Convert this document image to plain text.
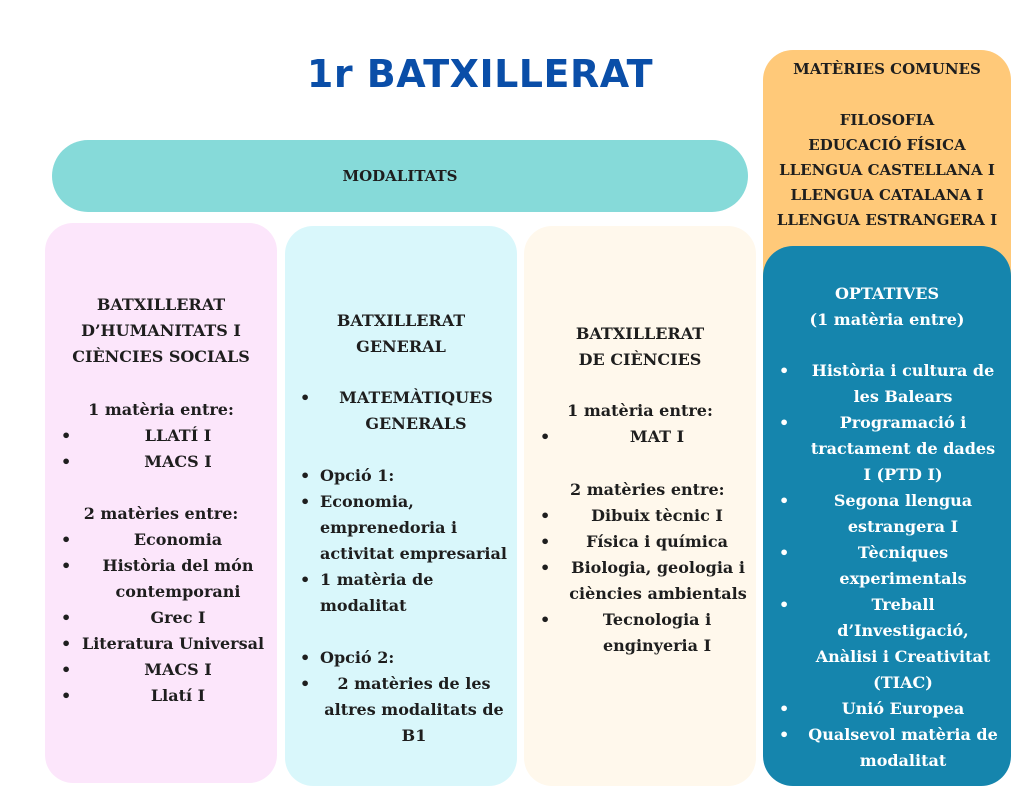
1r BATXILLERAT
MODALITATS
BATXILLERAT
D’HUMANITATS I
CIÈNCIES SOCIALS
1 matèria entre:
• LLATÍ I
• MACS I
2 matèries entre:
• Economia
• Història del món contemporani
• Grec I
• Literatura Universal
• MACS I
• Llatí I
BATXILLERAT
GENERAL
• MATEMÀTIQUES GENERALS
• Opció 1:
• Economia, emprenedoria i activitat empresarial
• 1 matèria de modalitat
• Opció 2:
• 2 matèries de les altres modalitats de B1
BATXILLERAT
DE CIÈNCIES
1 matèria entre:
• MAT I
2 matèries entre:
• Dibuix tècnic I
• Física i química
• Biologia, geologia i ciències ambientals
• Tecnologia i enginyeria I
MATÈRIES COMUNES
FILOSOFIA
EDUCACIÓ FÍSICA
LLENGUA CASTELLANA I
LLENGUA CATALANA I
LLENGUA ESTRANGERA I
OPTATIVES
(1 matèria entre)
• Història i cultura de les Balears
• Programació i tractament de dades I (PTD I)
• Segona llengua estrangera I
• Tècniques experimentals
• Treball d’Investigació, Anàlisi i Creativitat (TIAC)
• Unió Europea
• Qualsevol matèria de modalitat
